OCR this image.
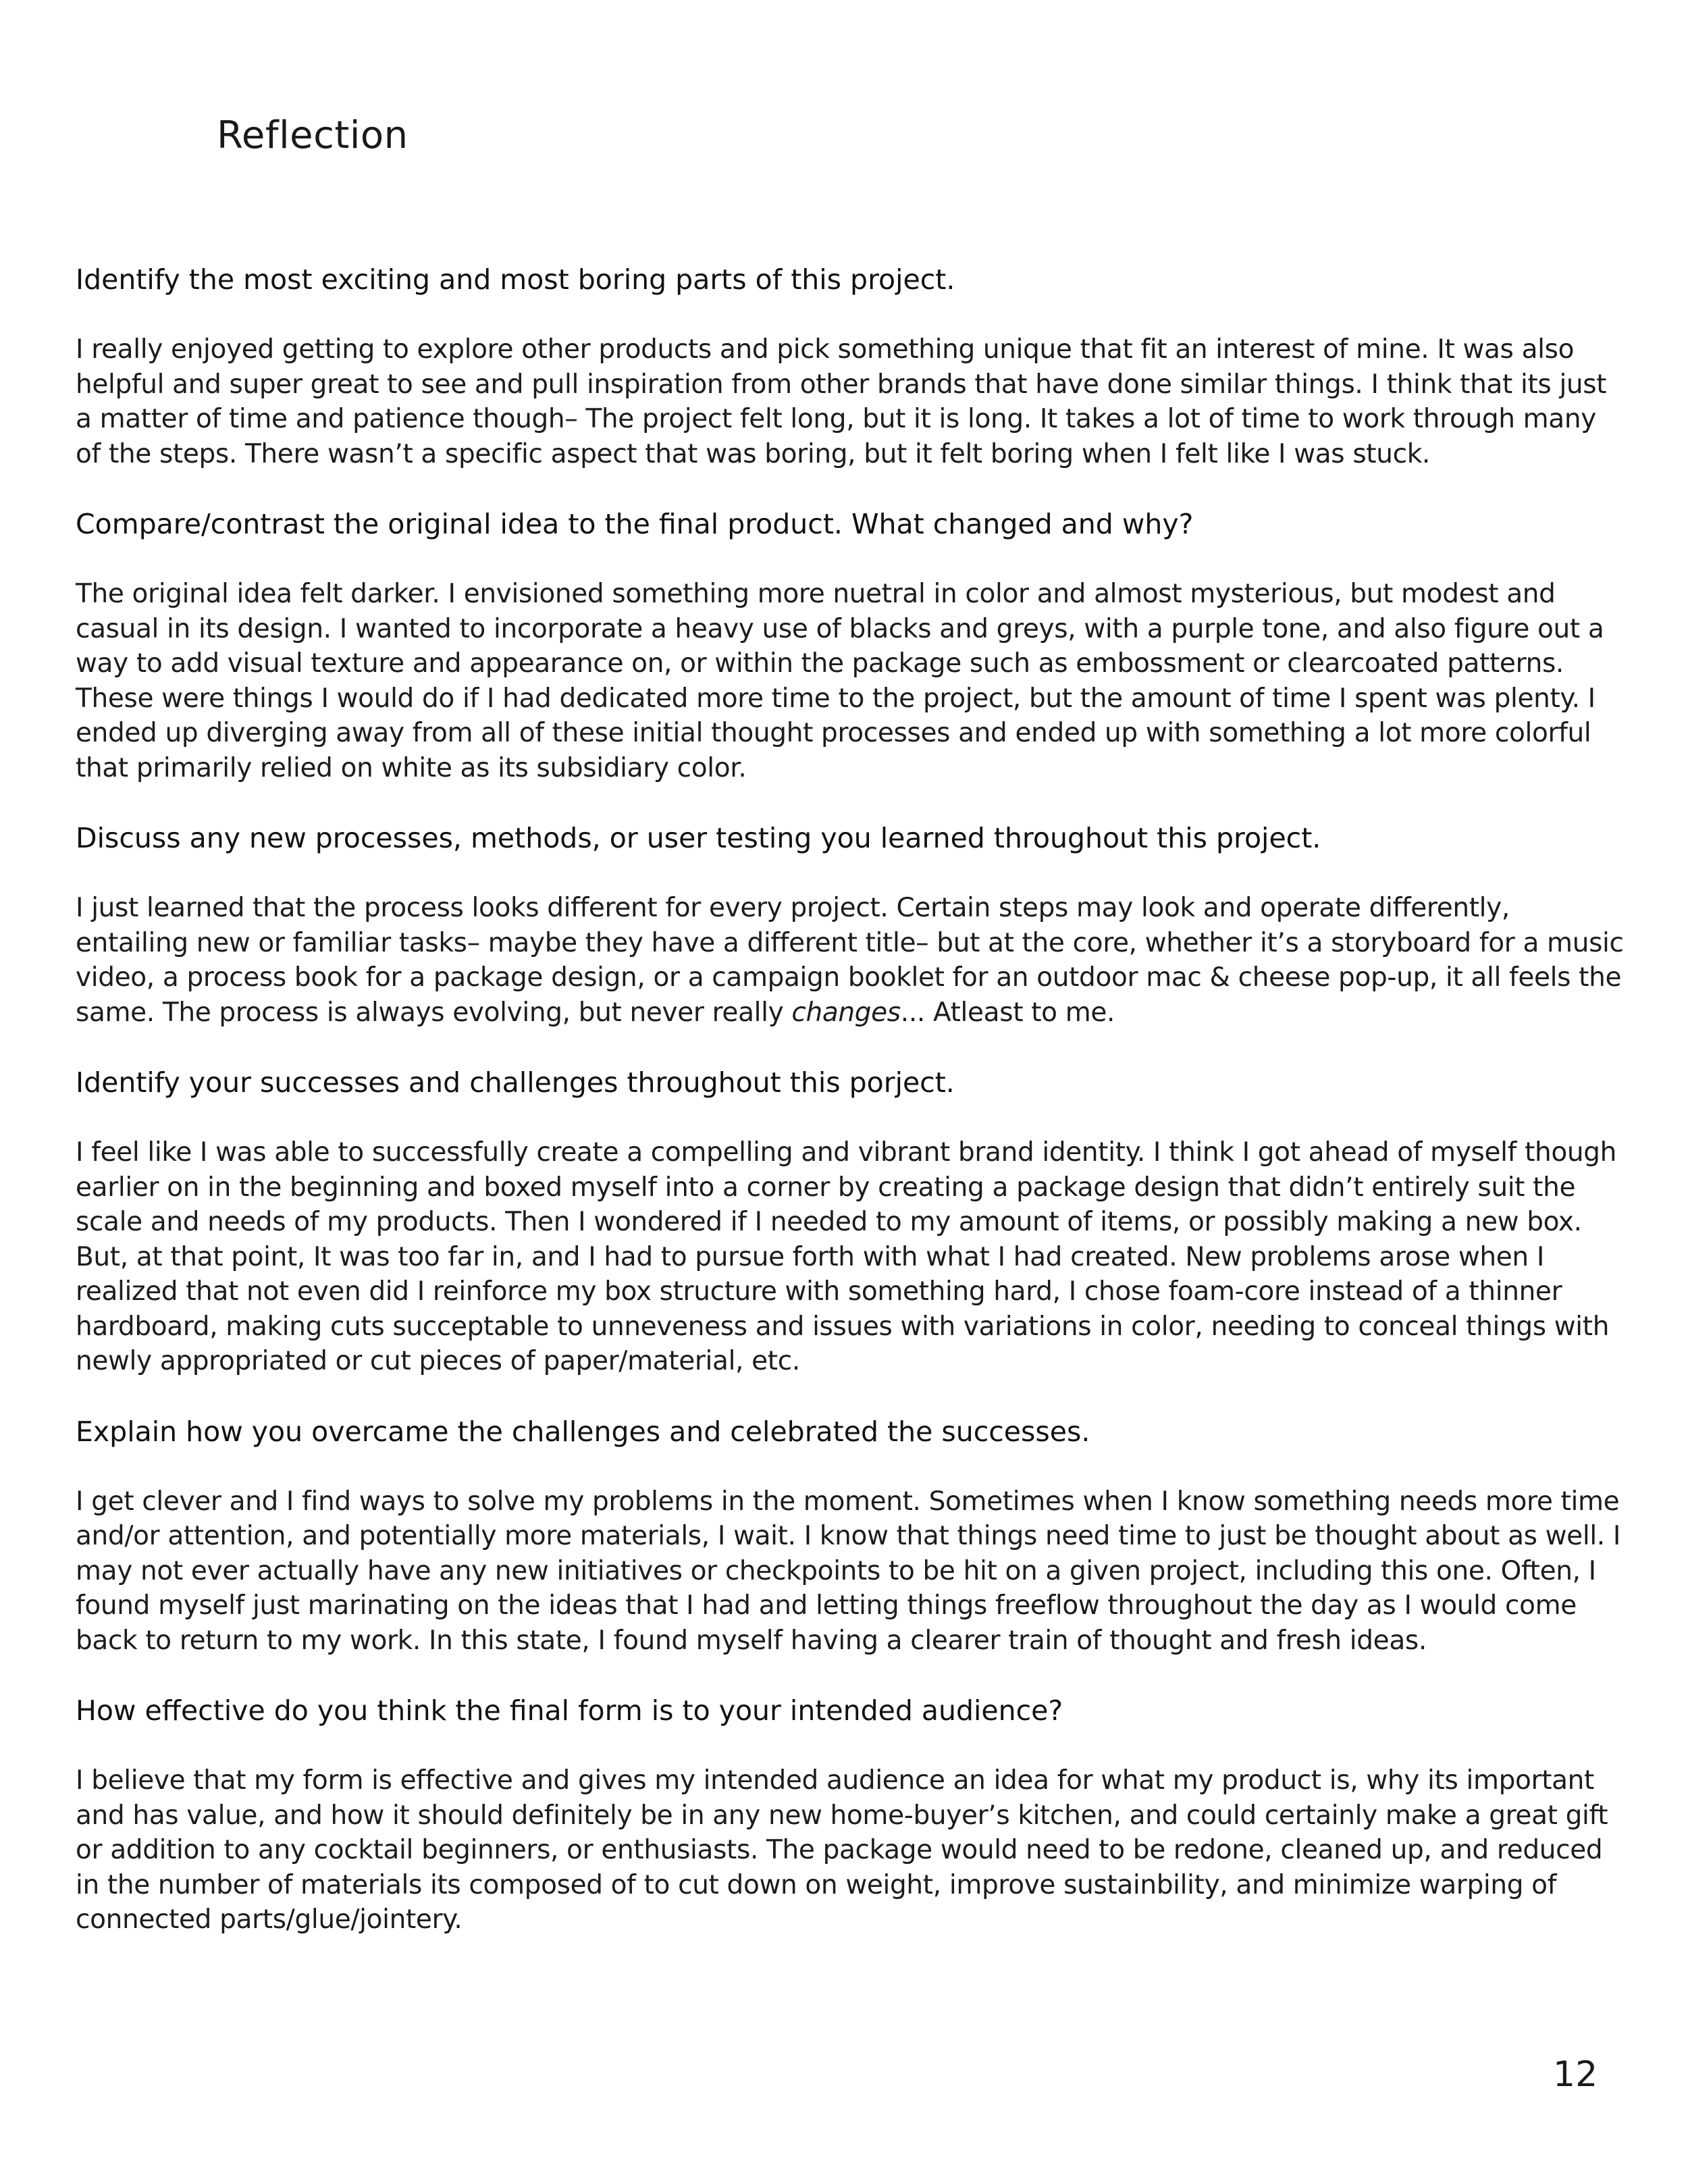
Reflection

Identify the most exciting and most boring parts of this project.

I really enjoyed getting to explore other products and pick something unique that fit an interest of mine. It was also helpful and super great to see and pull inspiration from other brands that have done similar things. I think that its just a matter of time and patience though– The project felt long, but it is long. It takes a lot of time to work through many of the steps. There wasn’t a specific aspect that was boring, but it felt boring when I felt like I was stuck.

Compare/contrast the original idea to the final product. What changed and why?

The original idea felt darker. I envisioned something more nuetral in color and almost mysterious, but modest and casual in its design. I wanted to incorporate a heavy use of blacks and greys, with a purple tone, and also figure out a way to add visual texture and appearance on, or within the package such as embossment or clearcoated patterns. These were things I would do if I had dedicated more time to the project, but the amount of time I spent was plenty. I ended up diverging away from all of these initial thought processes and ended up with something a lot more colorful that primarily relied on white as its subsidiary color.

Discuss any new processes, methods, or user testing you learned throughout this project.

I just learned that the process looks different for every project. Certain steps may look and operate differently, entailing new or familiar tasks– maybe they have a different title– but at the core, whether it’s a storyboard for a music video, a process book for a package design, or a campaign booklet for an outdoor mac & cheese pop-up, it all feels the same. The process is always evolving, but never really changes... Atleast to me.

Identify your successes and challenges throughout this porject.

I feel like I was able to successfully create a compelling and vibrant brand identity. I think I got ahead of myself though earlier on in the beginning and boxed myself into a corner by creating a package design that didn’t entirely suit the scale and needs of my products. Then I wondered if I needed to my amount of items, or possibly making a new box. But, at that point, It was too far in, and I had to pursue forth with what I had created. New problems arose when I realized that not even did I reinforce my box structure with something hard, I chose foam-core instead of a thinner hardboard, making cuts succeptable to unneveness and issues with variations in color, needing to conceal things with newly appropriated or cut pieces of paper/material, etc.

Explain how you overcame the challenges and celebrated the successes.

I get clever and I find ways to solve my problems in the moment. Sometimes when I know something needs more time and/or attention, and potentially more materials, I wait. I know that things need time to just be thought about as well. I may not ever actually have any new initiatives or checkpoints to be hit on a given project, including this one. Often, I found myself just marinating on the ideas that I had and letting things freeflow throughout the day as I would come back to return to my work. In this state, I found myself having a clearer train of thought and fresh ideas.

How effective do you think the final form is to your intended audience?

I believe that my form is effective and gives my intended audience an idea for what my product is, why its important and has value, and how it should definitely be in any new home-buyer’s kitchen, and could certainly make a great gift or addition to any cocktail beginners, or enthusiasts. The package would need to be redone, cleaned up, and reduced in the number of materials its composed of to cut down on weight, improve sustainbility, and minimize warping of connected parts/glue/jointery.

12
